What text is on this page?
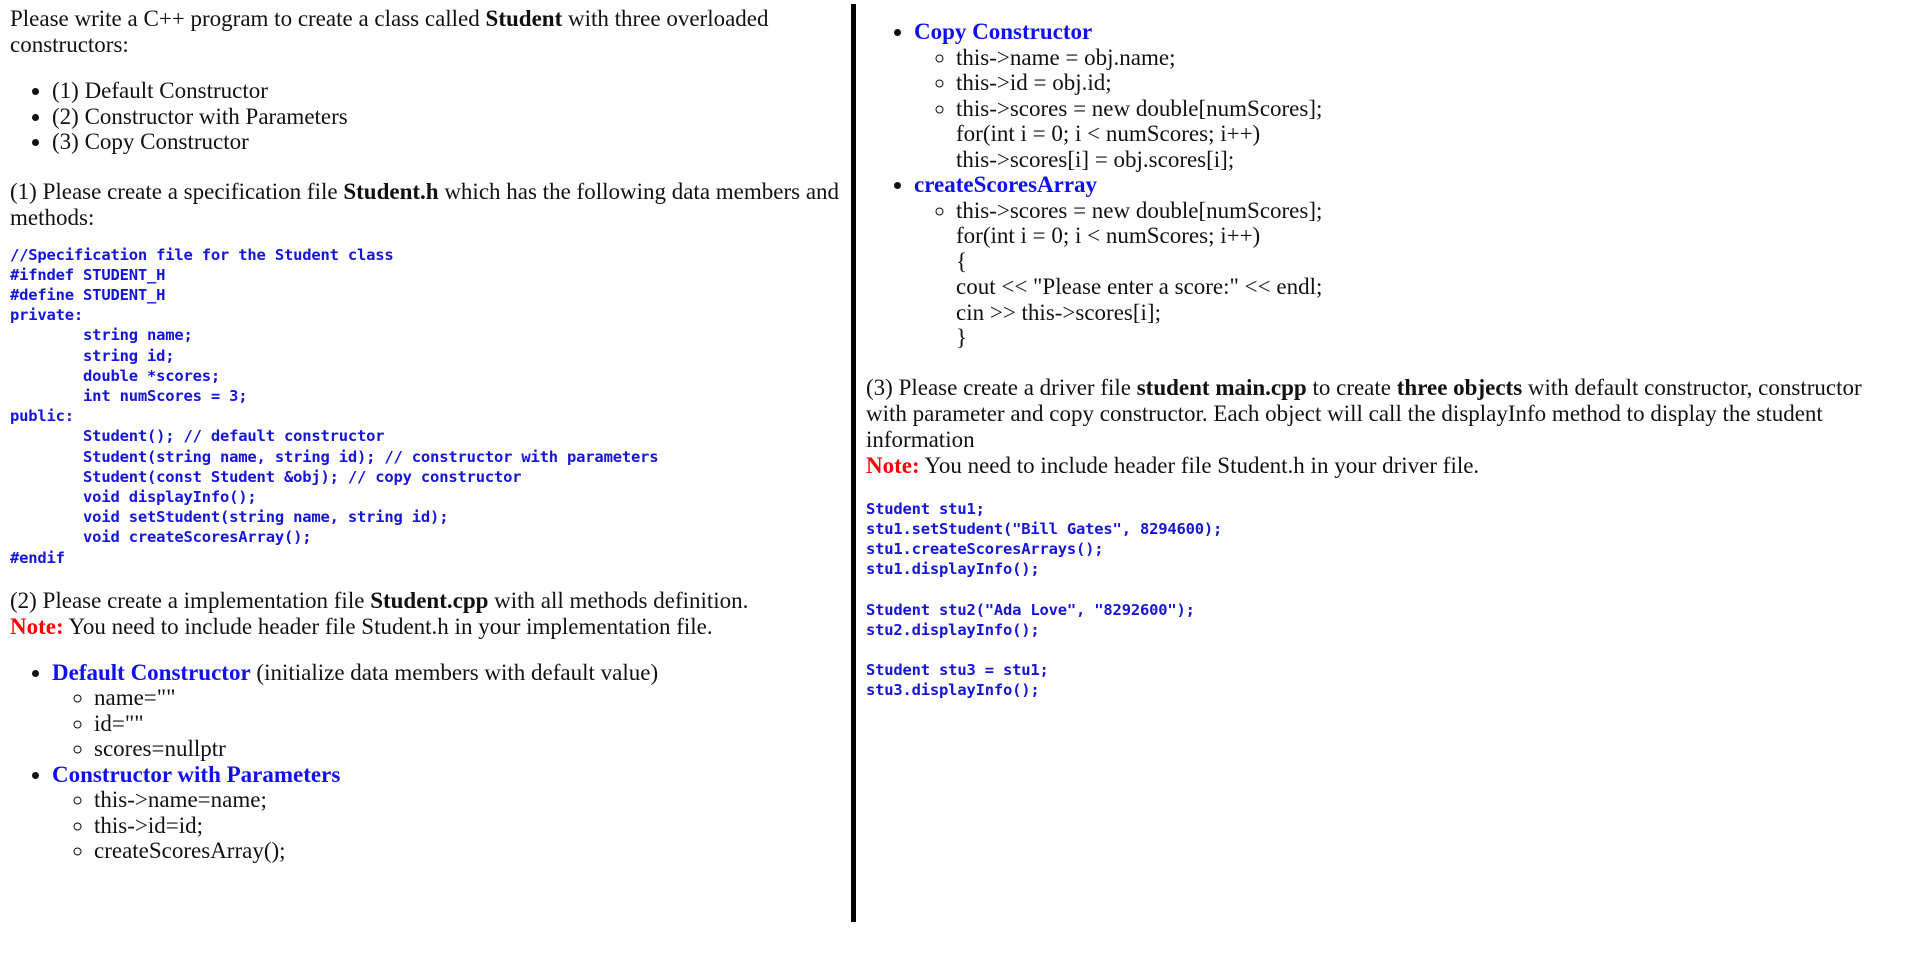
Please write a C++ program to create a class called Student with three overloaded constructors:

• (1) Default Constructor
• (2) Constructor with Parameters
• (3) Copy Constructor

(1) Please create a specification file Student.h which has the following data members and methods:

//Specification file for the Student class
#ifndef STUDENT_H
#define STUDENT_H
private:
string name;
string id;
double *scores;
int numScores = 3;
public:
Student(); // default constructor
Student(string name, string id); // constructor with parameters
Student(const Student &obj); // copy constructor
void displayInfo();
void setStudent(string name, string id);
void createScoresArray();
#endif

(2) Please create a implementation file Student.cpp with all methods definition.

Note: You need to include header file Student.h in your implementation file.

• Default Constructor (initialize data members with default value)
◦ name=""
◦ id=""
◦ scores=nullptr
• Constructor with Parameters
◦ this->name=name;
◦ this->id=id;
◦ createScoresArray();
• Copy Constructor
◦ this->name = obj.name;
◦ this->id = obj.id;
◦ this->scores = new double[numScores];
for(int i = 0; i < numScores; i++)
this->scores[i] = obj.scores[i];
• createScoresArray
◦ this->scores = new double[numScores];
for(int i = 0; i < numScores; i++)
{
cout << "Please enter a score:" << endl;
cin >> this->scores[i];
}

(3) Please create a driver file student main.cpp to create three objects with default constructor, constructor

with parameter and copy constructor. Each object will call the displayInfo method to display the student information

Note: You need to include header file Student.h in your driver file.

Student stu1;
stu1.setStudent("Bill Gates", 8294600);
stu1.createScoresArrays();
stu1.displayInfo();

Student stu2("Ada Love", "8292600");
stu2.displayInfo();

Student stu3 = stu1;
stu3.displayInfo();
